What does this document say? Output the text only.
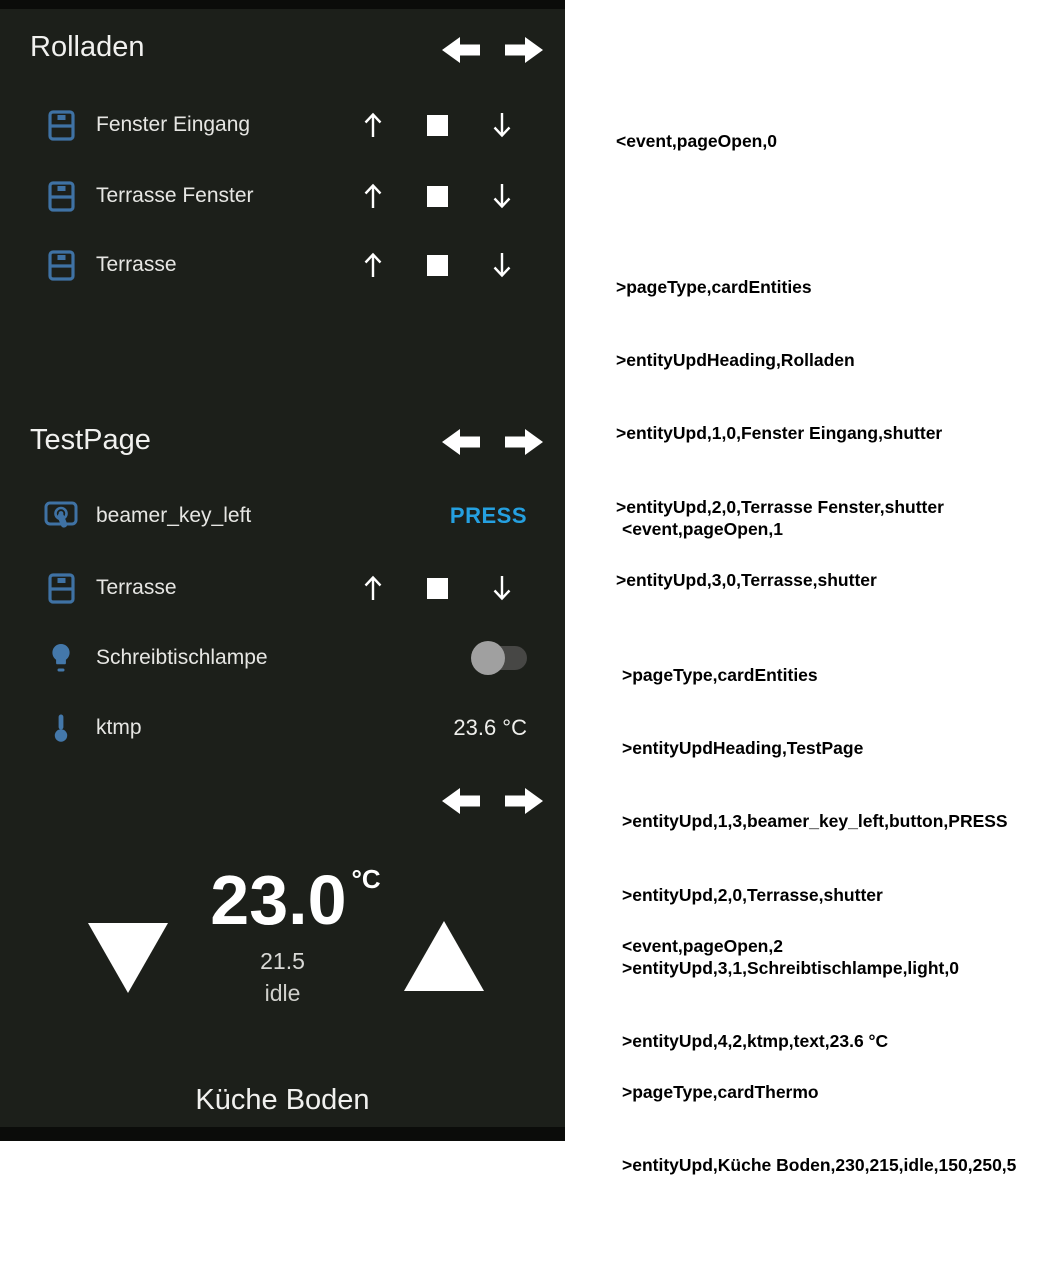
Rolladen
Fenster Eingang
Terrasse Fenster
Terrasse
TestPage
beamer_key_left	PRESS
Terrasse
Schreibtischlampe
ktmp	23.6 °C
23.0 $^{^\circ C}$
21.5
idle
Küche Boden

<event,pageOpen,0

>pageType,cardEntities

>entityUpdHeading,Rolladen

>entityUpd,1,0,Fenster Eingang,shutter

>entityUpd,2,0,Terrasse Fenster,shutter

>entityUpd,3,0,Terrasse,shutter

<event,pageOpen,1

>pageType,cardEntities

>entityUpdHeading,TestPage

>entityUpd,1,3,beamer_key_left,button,PRESS

>entityUpd,2,0,Terrasse,shutter

>entityUpd,3,1,Schreibtischlampe,light,0

>entityUpd,4,2,ktmp,text,23.6 °C

<event,pageOpen,2

>pageType,cardThermo

>entityUpd,Küche Boden,230,215,idle,150,250,5
